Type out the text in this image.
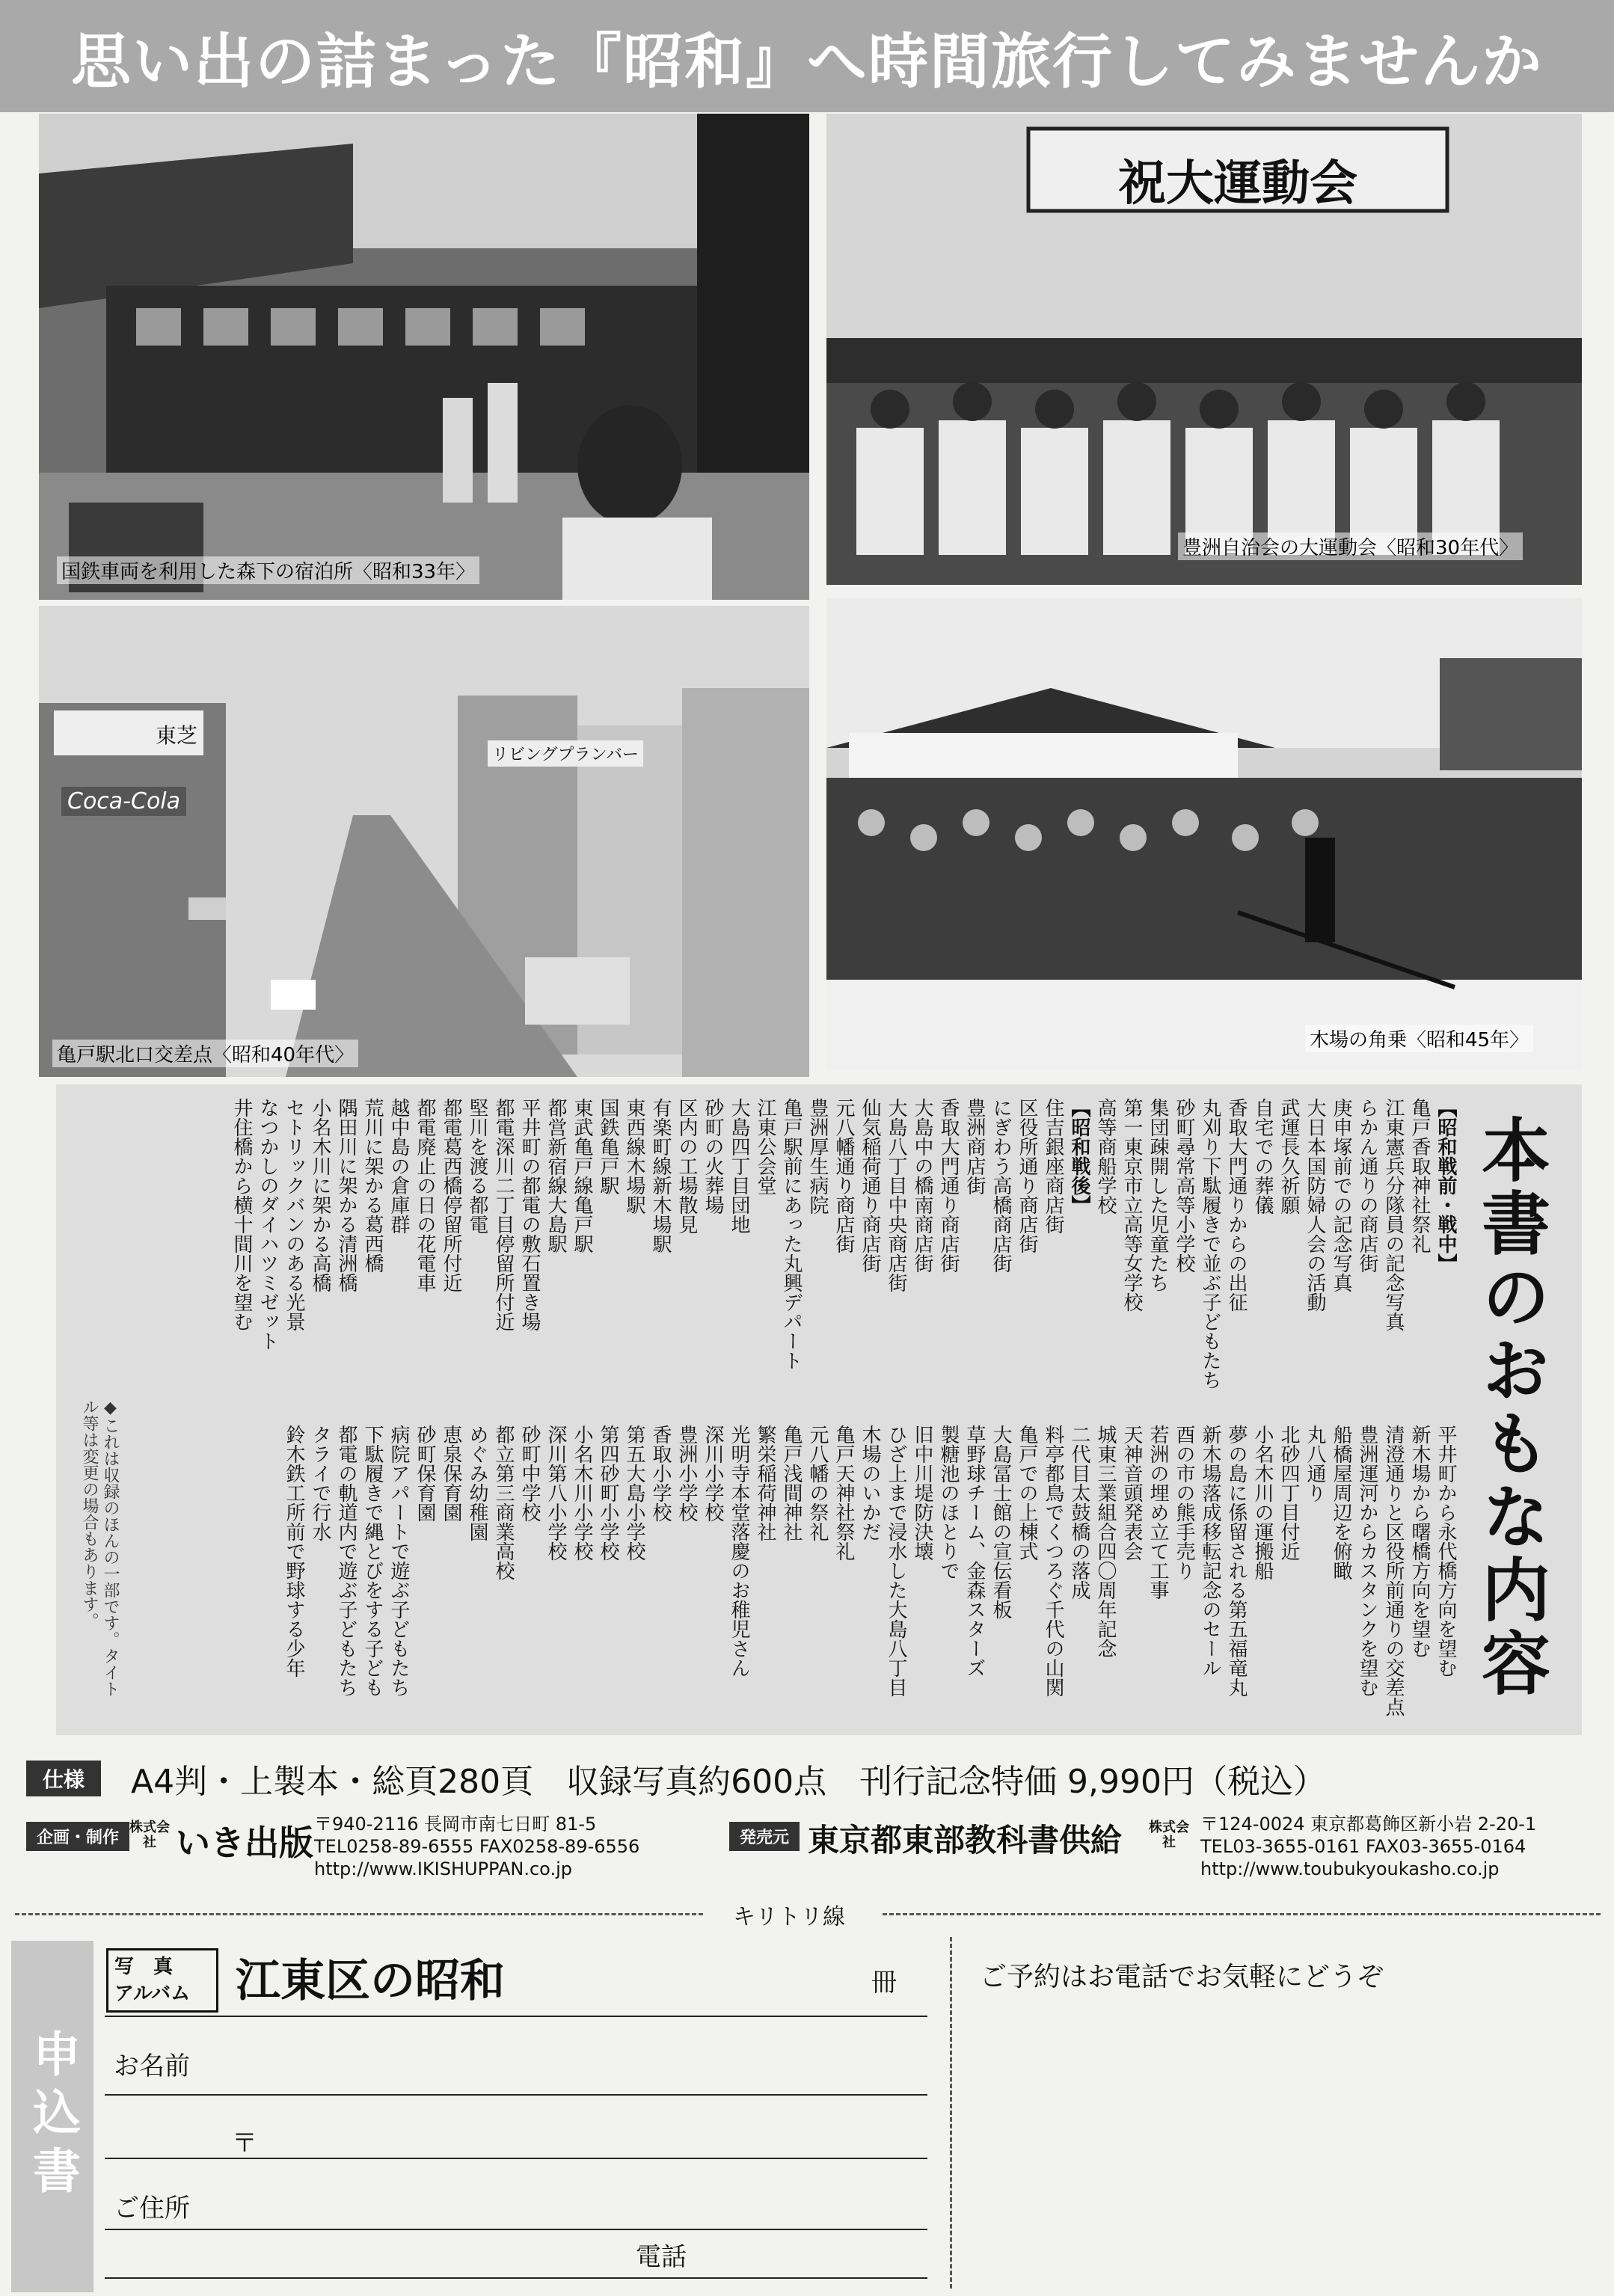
思い出の詰まった『昭和』へ時間旅行してみませんか
国鉄車両を利用した森下の宿泊所〈昭和33年〉
祝大運動会
豊洲自治会の大運動会〈昭和30年代〉
Coca-Cola
東芝
リビングプランバー
亀戸駅北口交差点〈昭和40年代〉
木場の角乗〈昭和45年〉
本書のおもな内容
【昭和戦前・戦中】
亀戸香取神社祭礼
江東憲兵分隊員の記念写真
らかん通りの商店街
庚申塚前での記念写真
大日本国防婦人会の活動
武運長久祈願
自宅での葬儀
香取大門通りからの出征
丸刈り下駄履きで並ぶ子どもたち
砂町尋常高等小学校
集団疎開した児童たち
第一東京市立高等女学校
高等商船学校
【昭和戦後】
住吉銀座商店街
区役所通り商店街
にぎわう高橋商店街
豊洲商店街
香取大門通り商店街
大島中の橋南商店街
大島八丁目中央商店街
仙気稲荷通り商店街
元八幡通り商店街
豊洲厚生病院
亀戸駅前にあった丸興デパート
江東公会堂
大島四丁目団地
砂町の火葬場
区内の工場散見
有楽町線新木場駅
東西線木場駅
国鉄亀戸駅
東武亀戸線亀戸駅
都営新宿線大島駅
平井町の都電の敷石置き場
都電深川二丁目停留所付近
堅川を渡る都電
都電葛西橋停留所付近
都電廃止の日の花電車
越中島の倉庫群
荒川に架かる葛西橋
隅田川に架かる清洲橋
小名木川に架かる高橋
セトリックバンのある光景
なつかしのダイハツミゼット
井住橋から横十間川を望む
平井町から永代橋方向を望む
新木場から曙橋方向を望む
清澄通りと区役所前通りの交差点
豊洲運河からカスタンクを望む
船橋屋周辺を俯瞰
丸八通り
北砂四丁目付近
小名木川の運搬船
夢の島に係留される第五福竜丸
新木場落成移転記念のセール
酉の市の熊手売り
若洲の埋め立て工事
天神音頭発表会
城東三業組合四〇周年記念
二代目太鼓橋の落成
料亭都鳥でくつろぐ千代の山関
亀戸での上棟式
大島冨士館の宣伝看板
草野球チーム、金森スターズ
製糖池のほとりで
旧中川堤防決壊
ひざ上まで浸水した大島八丁目
木場のいかだ
亀戸天神社祭礼
元八幡の祭礼
亀戸浅間神社
繁栄稲荷神社
光明寺本堂落慶のお稚児さん
深川小学校
豊洲小学校
香取小学校
第五大島小学校
第四砂町小学校
小名木川小学校
深川第八小学校
砂町中学校
都立第三商業高校
めぐみ幼稚園
恵泉保育園
砂町保育園
病院アパートで遊ぶ子どもたち
下駄履きで縄とびをする子ども
都電の軌道内で遊ぶ子どもたち
タライで行水
鈴木鉄工所前で野球する少年
◆これは収録のほんの一部です。タイトル等は変更の場合もあります。
仕様	A4判・上製本・総頁280頁　収録写真約600点　刊行記念特価 9,990円（税込）
企画・制作
株式会社 いき出版 〒940-2116 長岡市南七日町 81-5
TEL0258-89-6555 FAX0258-89-6556
http://www.IKISHUPPAN.co.jp
発売元 東京都東部教科書供給 株式会社
〒124-0024 東京都葛飾区新小岩 2-20-1
TEL03-3655-0161 FAX03-3655-0164
http://www.toubukyoukasho.co.jp
キリトリ線
申込書
写　真
アルバム	江東区の昭和	冊
お名前
〒
ご住所
電話
ご予約はお電話でお気軽にどうぞ
